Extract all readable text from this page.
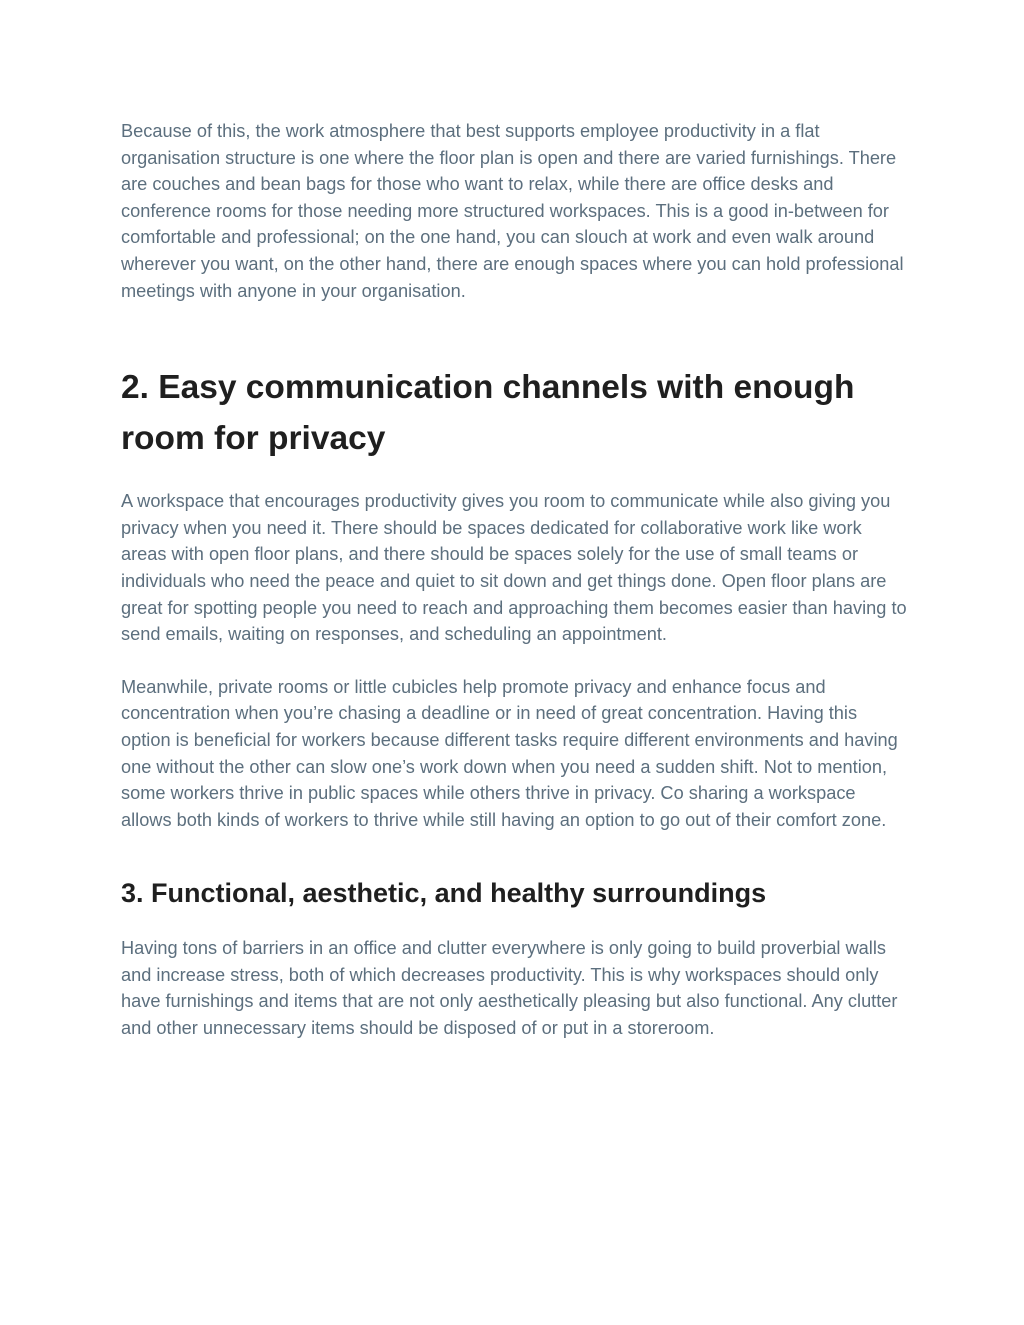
Because of this, the work atmosphere that best supports employee productivity in a flat organisation structure is one where the floor plan is open and there are varied furnishings. There are couches and bean bags for those who want to relax, while there are office desks and conference rooms for those needing more structured workspaces. This is a good in-between for comfortable and professional; on the one hand, you can slouch at work and even walk around wherever you want, on the other hand, there are enough spaces where you can hold professional meetings with anyone in your organisation.

2. Easy communication channels with enough room for privacy

A workspace that encourages productivity gives you room to communicate while also giving you privacy when you need it. There should be spaces dedicated for collaborative work like work areas with open floor plans, and there should be spaces solely for the use of small teams or individuals who need the peace and quiet to sit down and get things done. Open floor plans are great for spotting people you need to reach and approaching them becomes easier than having to send emails, waiting on responses, and scheduling an appointment.

Meanwhile, private rooms or little cubicles help promote privacy and enhance focus and concentration when you’re chasing a deadline or in need of great concentration. Having this option is beneficial for workers because different tasks require different environments and having one without the other can slow one’s work down when you need a sudden shift. Not to mention, some workers thrive in public spaces while others thrive in privacy. Co sharing a workspace allows both kinds of workers to thrive while still having an option to go out of their comfort zone.

3. Functional, aesthetic, and healthy surroundings

Having tons of barriers in an office and clutter everywhere is only going to build proverbial walls and increase stress, both of which decreases productivity. This is why workspaces should only have furnishings and items that are not only aesthetically pleasing but also functional. Any clutter and other unnecessary items should be disposed of or put in a storeroom.
